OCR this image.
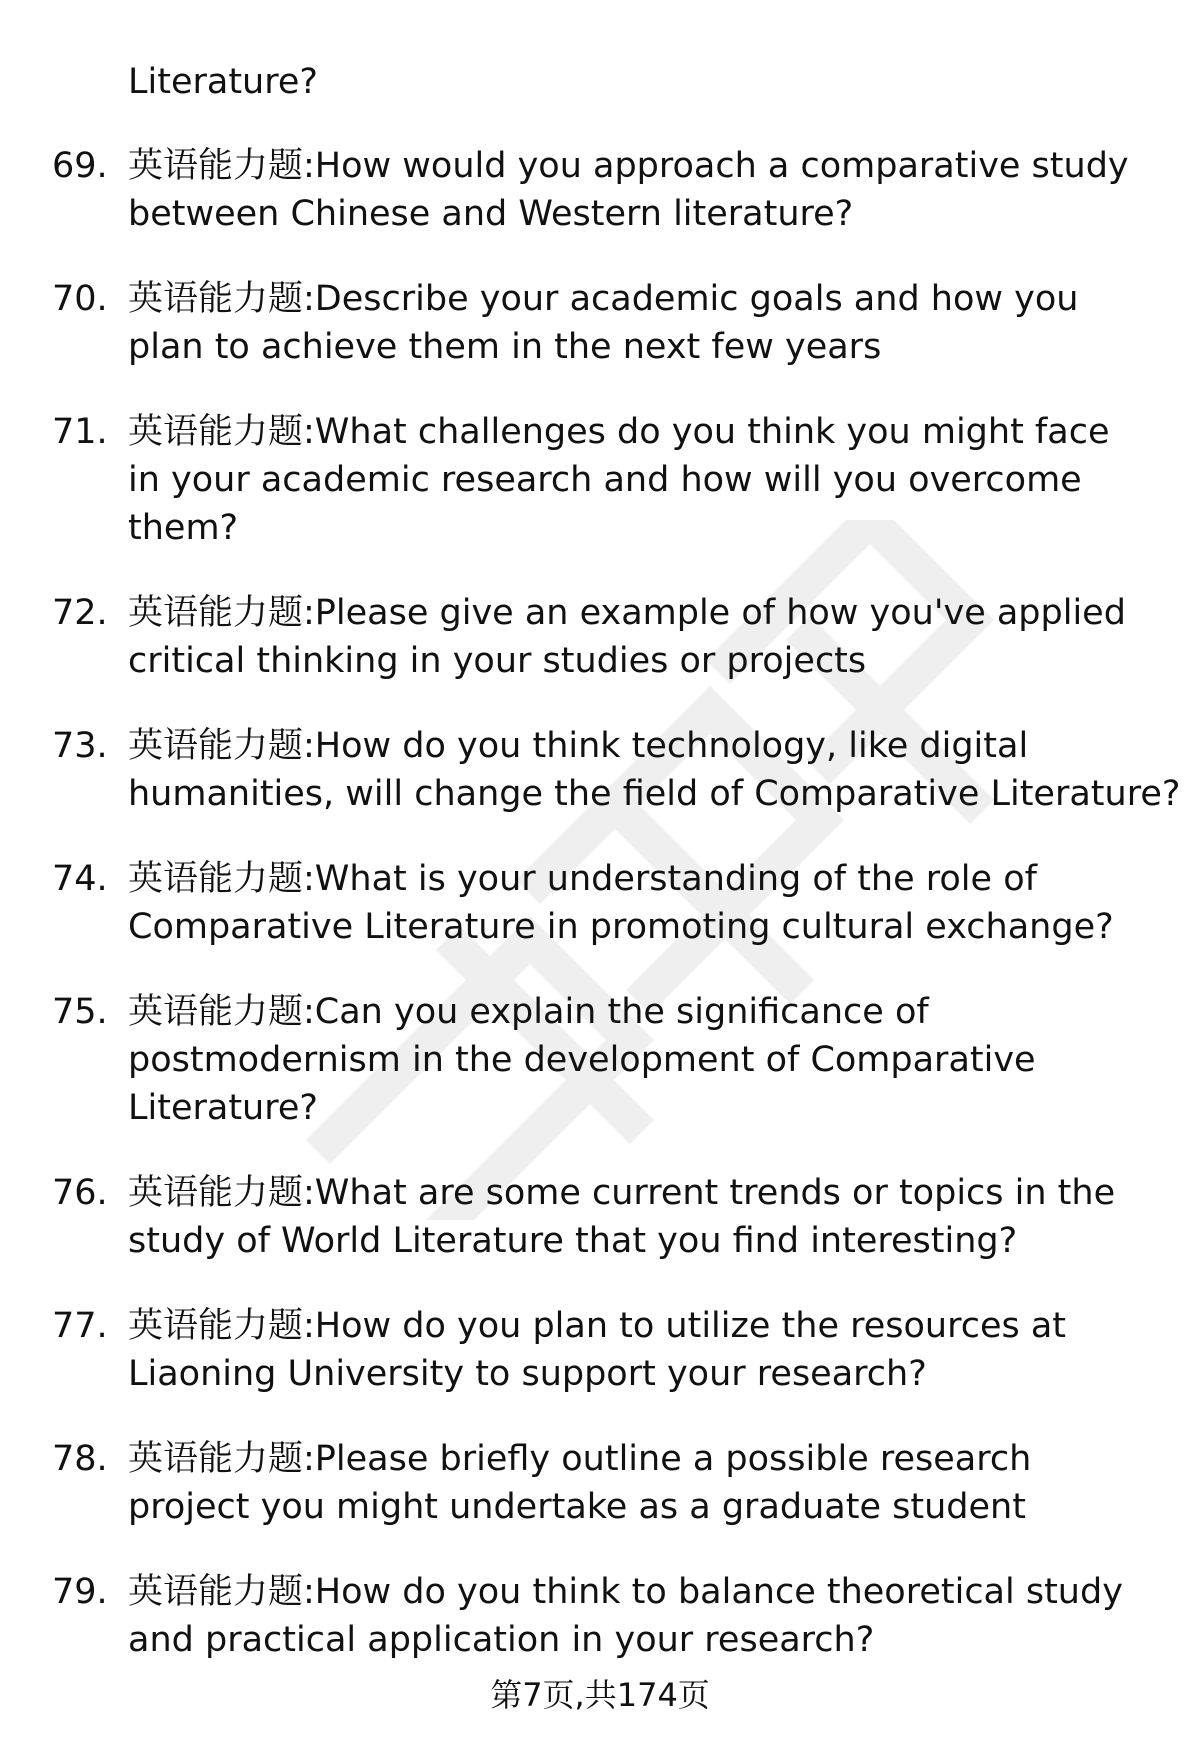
Literature?
69. 英语能力题:How would you approach a comparative study
between Chinese and Western literature?
70. 英语能力题:Describe your academic goals and how you
plan to achieve them in the next few years
71. 英语能力题:What challenges do you think you might face
in your academic research and how will you overcome
them?
72. 英语能力题:Please give an example of how you've applied
critical thinking in your studies or projects
73. 英语能力题:How do you think technology, like digital
humanities, will change the field of Comparative Literature?
74. 英语能力题:What is your understanding of the role of
Comparative Literature in promoting cultural exchange?
75. 英语能力题:Can you explain the significance of
postmodernism in the development of Comparative
Literature?
76. 英语能力题:What are some current trends or topics in the
study of World Literature that you find interesting?
77. 英语能力题:How do you plan to utilize the resources at
Liaoning University to support your research?
78. 英语能力题:Please briefly outline a possible research
project you might undertake as a graduate student
79. 英语能力题:How do you think to balance theoretical study
and practical application in your research?
第7页,共174页
